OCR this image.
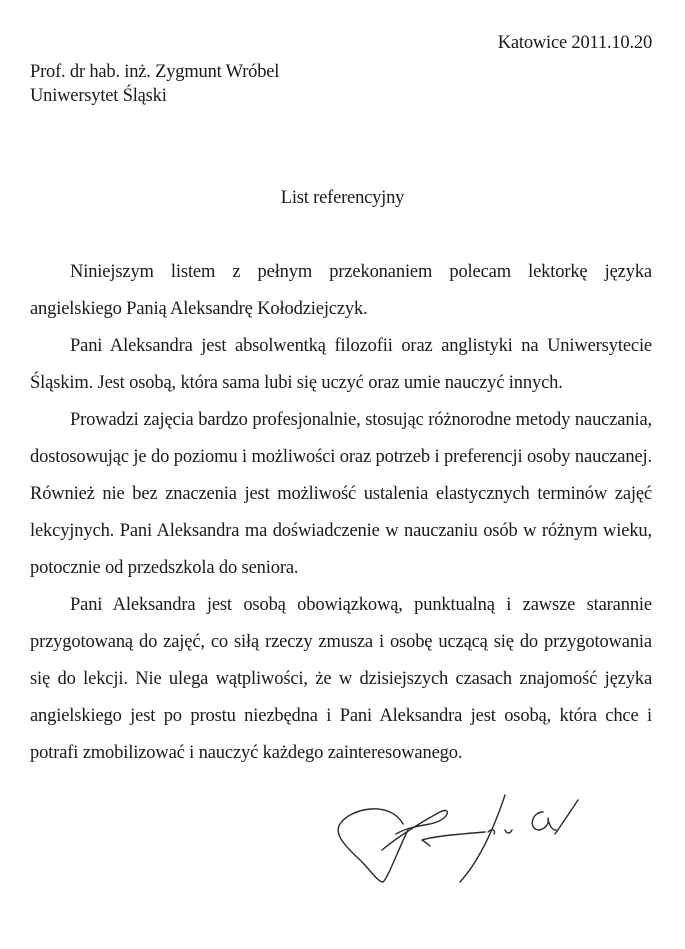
Katowice 2011.10.20
Prof. dr hab. inż. Zygmunt Wróbel
Uniwersytet Śląski
List referencyjny

Niniejszym listem z pełnym przekonaniem polecam lektorkę języka angielskiego Panią Aleksandrę Kołodziejczyk.

Pani Aleksandra jest absolwentką filozofii oraz anglistyki na Uniwersytecie Śląskim. Jest osobą, która sama lubi się uczyć oraz umie nauczyć innych.

Prowadzi zajęcia bardzo profesjonalnie, stosując różnorodne metody nauczania, dostosowując je do poziomu i możliwości oraz potrzeb i preferencji osoby nauczanej. Również nie bez znaczenia jest możliwość ustalenia elastycznych terminów zajęć lekcyjnych. Pani Aleksandra ma doświadczenie w nauczaniu osób w różnym wieku, potocznie od przedszkola do seniora.

Pani Aleksandra jest osobą obowiązkową, punktualną i zawsze starannie przygotowaną do zajęć, co siłą rzeczy zmusza i osobę uczącą się do przygotowania się do lekcji. Nie ulega wątpliwości, że w dzisiejszych czasach znajomość języka angielskiego jest po prostu niezbędna i Pani Aleksandra jest osobą, która chce i potrafi zmobilizować i nauczyć każdego zainteresowanego.
